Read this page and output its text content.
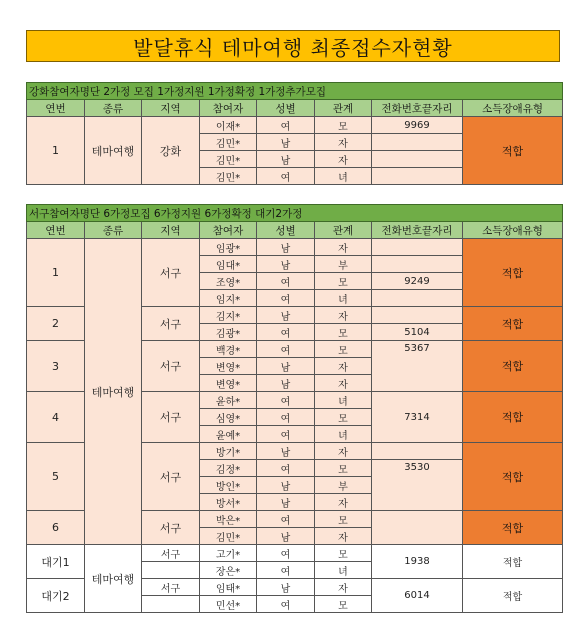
발달휴식 테마여행 최종접수자현황
강화참여자명단 2가정 모집 1가정지원 1가정확정 1가정추가모집							
연번	종류	지역	참여자	성별	관계	전화번호끝자리	소득장애유형
1	테마여행	강화	이재*	여	모	9969	적합
			김민*	남	자		
			김민*	남	자		
			김민*	여	녀		
서구참여자명단 6가정모집 6가정지원 6가정확정 대기2가정							
연번	종류	지역	참여자	성별	관계	전화번호끝자리	소득장애유형
1	테마여행	서구	임광*	남	자		적합
			임대*	남	부		
			조영*	여	모	9249	
			임지*	여	녀		
2		서구	김지*	남	자		적합
			김광*	여	모	5104	
3		서구	백경*	여	모	5367	적합
			변영*	남	자		
			변영*	남	자		
4		서구	윤하*	여	녀	7314	적합
			심영*	여	모		
			윤예*	여	녀		
5		서구	방기*	남	자		적합
			김정*	여	모	3530	
			방인*	남	부		
			방서*	남	자		
6		서구	박은*	여	모		적합
			김민*	남	자		
대기1	테마여행	서구	고기*	여	모	1938	적합
			장은*	여	녀		
대기2		서구	임태*	남	자	6014	적합
			민선*	여	모		
